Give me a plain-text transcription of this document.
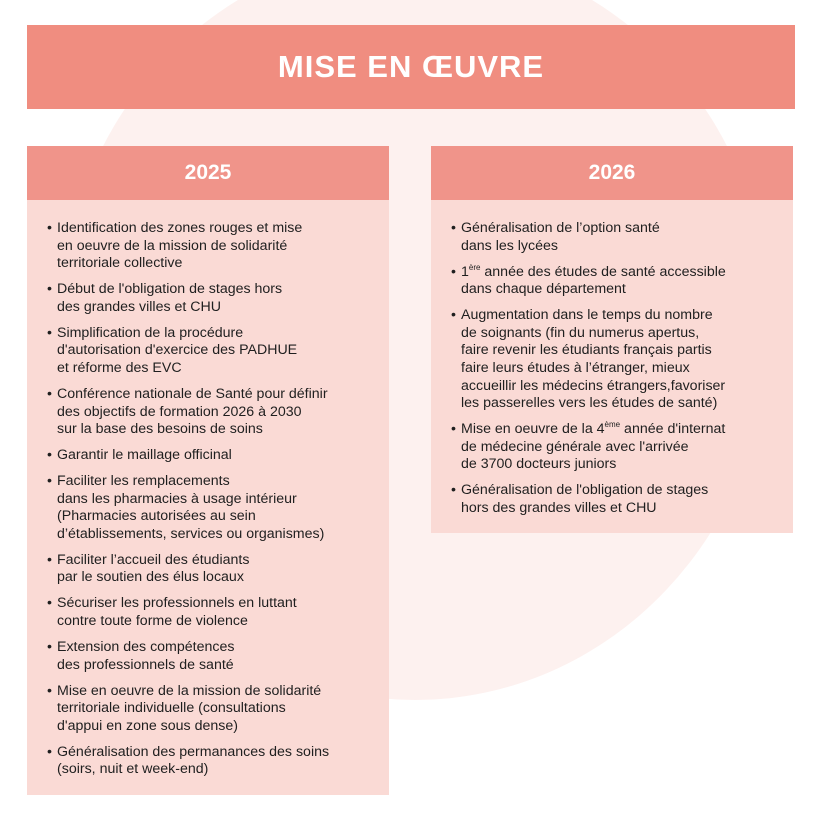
MISE EN ŒUVRE
2025
• Identification des zones rouges et mise
en oeuvre de la mission de solidarité
territoriale collective
• Début de l'obligation de stages hors
des grandes villes et CHU
• Simplification de la procédure
d'autorisation d'exercice des PADHUE
et réforme des EVC
• Conférence nationale de Santé pour définir
des objectifs de formation 2026 à 2030
sur la base des besoins de soins
• Garantir le maillage officinal
• Faciliter les remplacements
dans les pharmacies à usage intérieur
(Pharmacies autorisées au sein
d’établissements, services ou organismes)
• Faciliter l’accueil des étudiants
par le soutien des élus locaux
• Sécuriser les professionnels en luttant
contre toute forme de violence
• Extension des compétences
des professionnels de santé
• Mise en oeuvre de la mission de solidarité
territoriale individuelle (consultations
d'appui en zone sous dense)
• Généralisation des permanances des soins
(soirs, nuit et week-end)
2026
• Généralisation de l’option santé
dans les lycées
• 1ère année des études de santé accessible
dans chaque département
• Augmentation dans le temps du nombre
de soignants (fin du numerus apertus,
faire revenir les étudiants français partis
faire leurs études à l’étranger, mieux
accueillir les médecins étrangers,favoriser
les passerelles vers les études de santé)
• Mise en oeuvre de la 4ème année d'internat
de médecine générale avec l'arrivée
de 3700 docteurs juniors
• Généralisation de l'obligation de stages
hors des grandes villes et CHU
